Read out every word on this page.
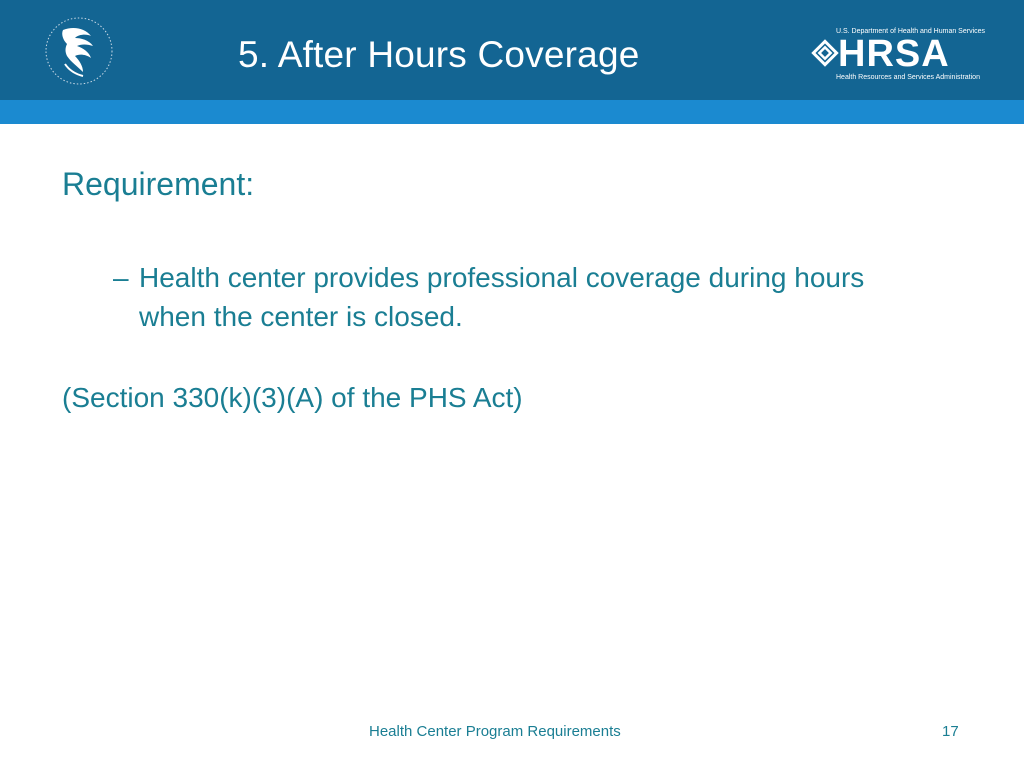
5. After Hours Coverage
U.S. Department of Health and Human Services
HRSA
Health Resources and Services Administration
Requirement:
– Health center provides professional coverage during hours when the center is closed.
(Section 330(k)(3)(A) of the PHS Act)
Health Center Program Requirements	17
